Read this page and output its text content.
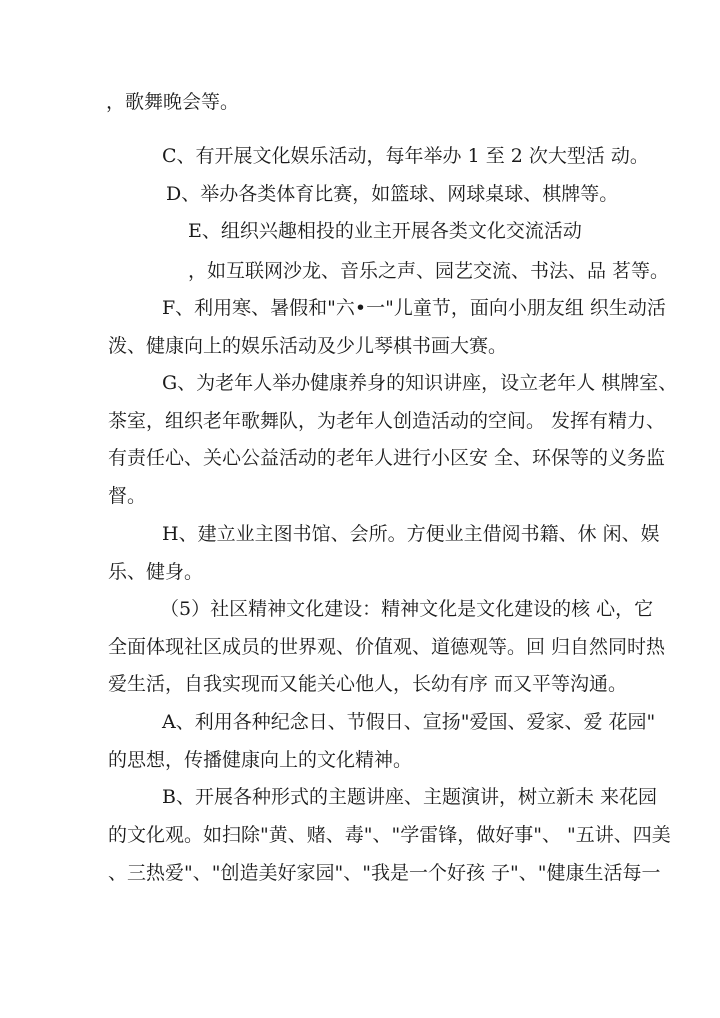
，歌舞晚会等。
C、有开展文化娱乐活动，每年举办 1 至 2 次大型活 动。
D、举办各类体育比赛，如篮球、网球桌球、棋牌等。
E、组织兴趣相投的业主开展各类文化交流活动
，如互联网沙龙、音乐之声、园艺交流、书法、品 茗等。
F、利用寒、暑假和"六•一"儿童节，面向小朋友组 织生动活
泼、健康向上的娱乐活动及少儿琴棋书画大赛。
G、为老年人举办健康养身的知识讲座，设立老年人 棋牌室、
茶室，组织老年歌舞队，为老年人创造活动的空间。 发挥有精力、
有责任心、关心公益活动的老年人进行小区安 全、环保等的义务监
督。
H、建立业主图书馆、会所。方便业主借阅书籍、休 闲、娱
乐、健身。
（5）社区精神文化建设：精神文化是文化建设的核 心，它
全面体现社区成员的世界观、价值观、道德观等。回 归自然同时热
爱生活，自我实现而又能关心他人，长幼有序 而又平等沟通。
A、利用各种纪念日、节假日、宣扬"爱国、爱家、爱 花园"
的思想，传播健康向上的文化精神。
B、开展各种形式的主题讲座、主题演讲，树立新未 来花园
的文化观。如扫除"黄、赌、毒"、"学雷锋，做好事"、 "五讲、四美
、三热爱"、"创造美好家园"、"我是一个好孩 子"、"健康生活每一
